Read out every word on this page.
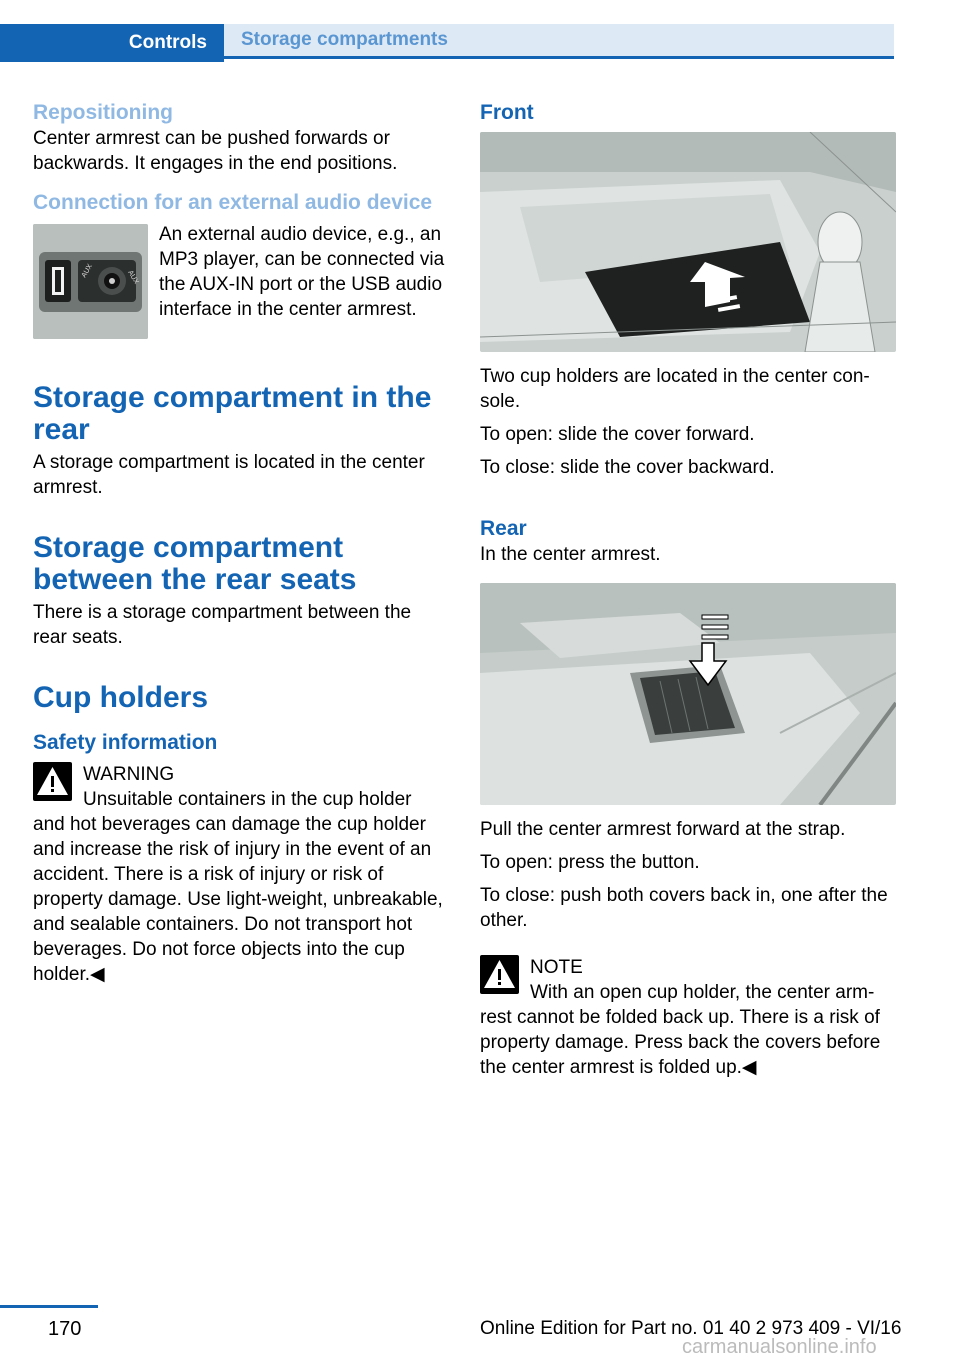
Controls	Storage compartments
Repositioning

Center armrest can be pushed forwards or backwards. It engages in the end positions.

Connection for an external audio device
AUX	AUX

An external audio device, e.g., an MP3 player, can be connected via the AUX-IN port or the USB audio interface in the center armrest.

Storage compartment in the rear

A storage compartment is located in the center armrest.

Storage compartment between the rear seats

There is a storage compartment between the rear seats.

Cup holders
Safety information
WARNING
Unsuitable containers in the cup holder

and hot beverages can damage the cup holder and increase the risk of injury in the event of an accident. There is a risk of injury or risk of property damage. Use light-weight, unbreakable, and sealable containers. Do not transport hot beverages. Do not force objects into the cup holder.◀

Front

Two cup holders are located in the center console.

To open: slide the cover forward.

To close: slide the cover backward.

Rear

In the center armrest.

Pull the center armrest forward at the strap.

To open: press the button.

To close: push both covers back in, one after the other.

NOTE
With an open cup holder, the center arm-

rest cannot be folded back up. There is a risk of property damage. Press back the covers before the center armrest is folded up.◀

170	Online Edition for Part no. 01 40 2 973 409 - VI/16
carmanualsonline.info
